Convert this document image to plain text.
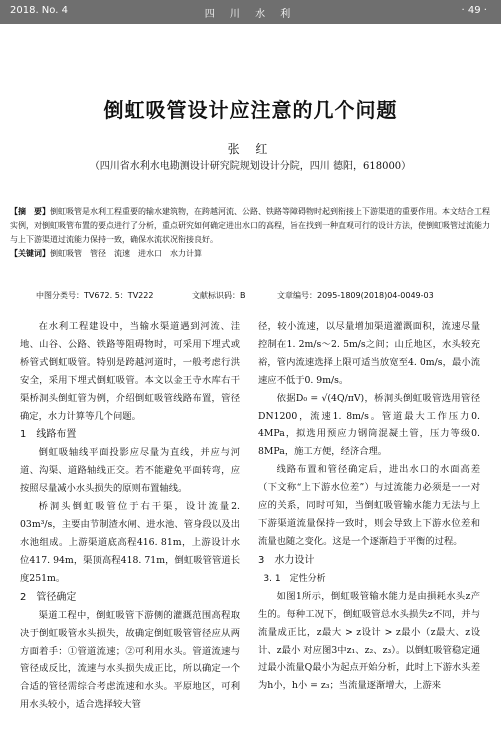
2018. No. 4	四 川 水 利	· 49 ·
倒虹吸管设计应注意的几个问题
张 红
（四川省水利水电勘测设计研究院规划设计分院，四川 德阳，618000）
【摘　要】倒虹吸管是水利工程重要的输水建筑物，在跨越河流、公路、铁路等障碍物时起到衔接上下游渠道的重要作用。本文结合工程实例，对倒虹吸管布置的要点进行了分析，重点研究如何确定进出水口的高程，旨在找到一种直观可行的设计方法，使倒虹吸管过流能力与上下游渠道过流能力保持一致，确保水流状况衔接良好。
【关键词】倒虹吸管　管径　流速　进水口　水力计算
中图分类号：TV672. 5：TV222	文献标识码：B	文章编号：2095-1809(2018)04-0049-03

在水利工程建设中，当输水渠道遇到河流、洼地、山谷、公路、铁路等阻碍物时，可采用下埋式或桥管式倒虹吸管。特别是跨越河道时，一般考虑行洪安全，采用下埋式倒虹吸管。本文以金王寺水库右干渠桥洞头倒虹管为例，介绍倒虹吸管线路布置，管径确定，水力计算等几个问题。

1　线路布置

倒虹吸轴线平面投影应尽量为直线，并应与河道、沟渠、道路轴线正交。若不能避免平面转弯，应按照尽量减小水头损失的原则布置轴线。

桥洞头倒虹吸管位于右干渠，设计流量2. 03m³/s，主要由节制渣水闸、进水池、管身段以及出水池组成。上游渠道底高程416. 81m，上游设计水位417. 94m，渠顶高程418. 71m，倒虹吸管管道长度251m。

2　管径确定

渠道工程中，倒虹吸管下游侧的灌溉范围高程取决于倒虹吸管水头损失，故确定倒虹吸管管径应从两方面着手：①管道流速；②可利用水头。管道流速与管径成反比，流速与水头损失成正比，所以确定一个合适的管径需综合考虑流速和水头。平原地区，可利用水头较小，适合选择较大管

径，较小流速，以尽量增加渠道灌溉面积，流速尽量控制在1. 2m/s～2. 5m/s之间；山丘地区，水头较充裕，管内流速选择上限可适当放宽至4. 0m/s，最小流速应不低于0. 9m/s。

依据D₀ = √(4Q/πV)，桥洞头倒虹吸管选用管径DN1200，流速1. 8m/s。管道最大工作压力0. 4MPa，拟选用预应力钢筒混凝土管，压力等级0. 8MPa，施工方便，经济合理。

线路布置和管径确定后，进出水口的水面高差（下文称“上下游水位差”）与过流能力必须是一一对应的关系，同时可知，当倒虹吸管输水能力无法与上下游渠道流量保持一致时，则会导致上下游水位差和流量也随之变化。这是一个逐渐趋于平衡的过程。

3　水力设计

3. 1　定性分析

如图1所示，倒虹吸管输水能力是由損耗水头z产生的。每种工况下，倒虹吸管总水头损失z不同，并与流量成正比，z最大 > z设计 > z最小（z最大、z设计、z最小 对应图3中z₁、z₂、z₃）。以倒虹吸管稳定通过最小流量Q最小为起点开始分析，此时上下游水头差为h小，h小 = z₃；当流量逐渐增大，上游来
